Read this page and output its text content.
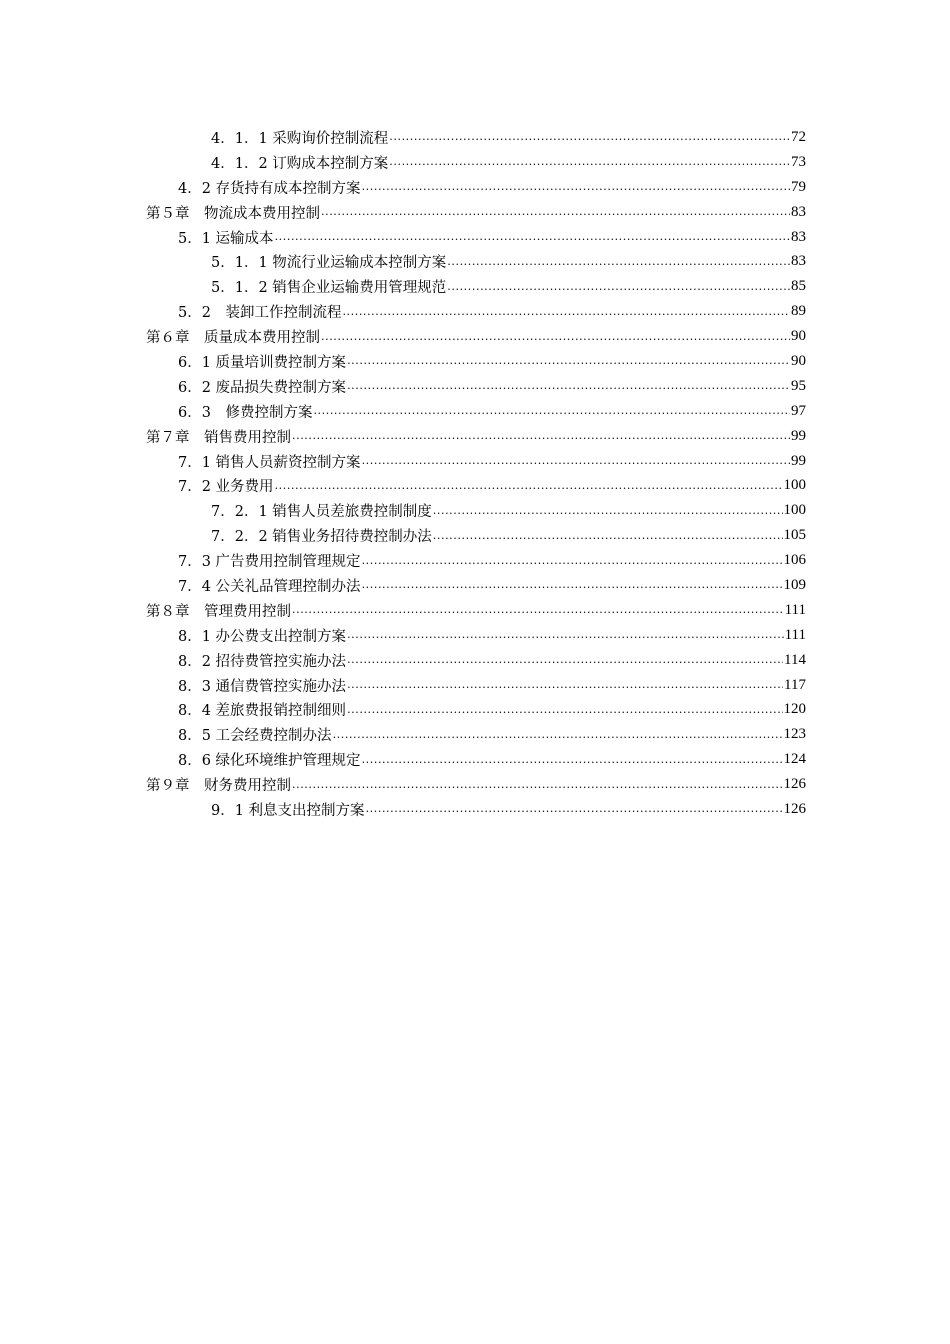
4．1．1 采购询价控制流程 .....	72
4．1．2 订购成本控制方案 .....	73
4．2 存货持有成本控制方案 .....	79
第５章　物流成本费用控制 .....	83
5．1 运输成本 .....	83
5．1．1 物流行业运输成本控制方案 .....	83
5．1．2 销售企业运输费用管理规范 .....	85
5．2　装卸工作控制流程 .....	89
第６章　质量成本费用控制 .....	90
6．1 质量培训费控制方案 .....	90
6．2 废品损失费控制方案 .....	95
6．3　修费控制方案 .....	97
第７章　销售费用控制 .....	99
7．1 销售人员薪资控制方案 .....	99
7．2 业务费用 .....	100
7．2．1 销售人员差旅费控制制度 .....	100
7．2．2 销售业务招待费控制办法 .....	105
7．3 广告费用控制管理规定 .....	106
7．4 公关礼品管理控制办法 .....	109
第８章　管理费用控制 .....	111
8．1 办公费支出控制方案 .....	111
8．2 招待费管控实施办法 .....	114
8．3 通信费管控实施办法 .....	117
8．4 差旅费报销控制细则 .....	120
8．5 工会经费控制办法 .....	123
8．6 绿化环境维护管理规定 .....	124
第９章　财务费用控制 .....	126
9．1 利息支出控制方案 .....	126
